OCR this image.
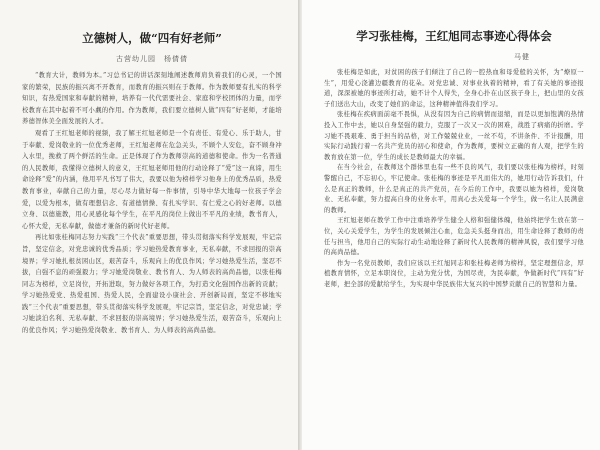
立德树人，做“四有好老师”
古营幼儿园　杨倩倩

“教育大计，教师为本。”习总书记的讲话深刻地阐述教师肩负着我们的心灵，一个国家的繁荣，民族的振兴离不开教育，而教育的振兴则在于教师。作为教师要有扎实的科学知识，有热爱国家和奉献的精神，培养有一代代需要社会、家庭和学校团体的力量，而学校教育在其中起着不可小觑的作用。作为教师，我们要立德树人做“四有”好老师，才能培养德智体美全面发展的人才。

观看了王红旭老师的视频，我了解王红旭老师是一个有责任、有爱心、乐于助人，甘于奉献、爱岗敬业的一位优秀老师，王红旭老师在危急关头，不顾个人安危，奋不顾身冲入水里，挽救了两个鲜活的生命。正是体现了作为教师崇高的道德和使命。作为一名普通的人民教师，我懂得立德树人的意义，王红旭老师用他的行动诠释了“爱”这一真谛，用生命诠释“爱”的内涵，他用平凡书写了伟大，我要以他为榜样学习他身上的优秀品质，热爱教育事业，奉献自己的力量，尽心尽力做好每一件事情，引导中华大地每一位孩子学会爱，以爱为根本，做有理想信念、有道德情操、有扎实学识、有仁爱之心的好老师。以德立身、以德施教，用心灵感化每个学生，在平凡的岗位上做出不平凡的业绩，教书育人，心怀大爱，无私奉献，做德才兼备的新时代好老师。

再比如张桂梅同志努力实践“三个代表”重要思想，带头贯彻落实科学发展观，牢记宗旨，坚定信念，对党忠诚的优秀品质；学习她热爱教育事业，无私奉献，不求回报的崇高境界；学习她扎根贫困山区，艰苦奋斗，乐观向上的优良作风；学习她热爱生活，坚忍不拔，自强不息的顽强毅力；学习她爱岗敬业、教书育人、为人师表的高尚品德，以张桂梅同志为榜样，立足岗位，开拓进取，努力做好各项工作，为打造文化强国作出新的贡献；学习她热爱党、热爱祖国、热爱人民，全面建设小康社会、开创新局面，坚定不移地实践“三个代表”重要思想，带头贯彻落实科学发展观，牢记宗旨，坚定信念，对党忠诚；学习她淡泊名利、无私奉献、不求回报的崇高境界；学习她热爱生活，艰苦奋斗，乐观向上的优良作风；学习她热爱岗敬业、教书育人、为人师表的高尚品德。

学习张桂梅，王红旭同志事迹心得体会
马健

张桂梅是如此，对贫困的孩子们倾注了自己的一腔热血和母爱般的关怀，为“燎原一生”，用爱心浇灌边疆教育的花朵。对党忠诚、对事业执着的精神，看了有关她的事迹报道，深深被她的事迹所打动，她不计个人得失，全身心扑在山区孩子身上，把山里的女孩子们送出大山，改变了她们的命运，这种精神值得我们学习。

张桂梅在疾病面前毫不畏惧，从没有因为自己的病情而退缩，而是以更加饱满的热情投入工作中去，她以自身坚强的毅力，克服了一次又一次的困难，战胜了病痛的折磨。学习她不畏艰难、勇于担当的品格，对工作兢兢业业，一丝不苟，不讲条件、不计报酬，用实际行动践行着一名共产党员的初心和使命，作为教师，要树立正确的育人观，把学生的教育放在第一位，学生的成长是教师最大的幸福。

在当今社会，在教师这个群体里也有一些不良的风气，我们要以张桂梅为榜样，时刻警醒自己，不忘初心，牢记使命。张桂梅的事迹是平凡而伟大的，她用行动告诉我们，什么是真正的教师，什么是真正的共产党员，在今后的工作中，我要以她为榜样，爱岗敬业、无私奉献，努力提高自身的业务水平，用真心去关爱每一个学生，做一名让人民满意的教师。

王红旭老师在教学工作中注重培养学生健全人格和强健体魄，他始终把学生放在第一位，关心关爱学生，为学生的发展倾注心血，危急关头挺身而出，用生命诠释了教师的责任与担当，他用自己的实际行动生动地诠释了新时代人民教师的精神风貌，我们要学习他的高尚品德。

作为一名党员教师，我们应该以王红旭同志和张桂梅老师为榜样，坚定理想信念，厚植教育情怀，立足本职岗位，主动为党分忧，为国尽责，为民奉献，争做新时代“四有”好老师，把全部的爱献给学生，为实现中华民族伟大复兴的中国梦贡献自己的智慧和力量。
